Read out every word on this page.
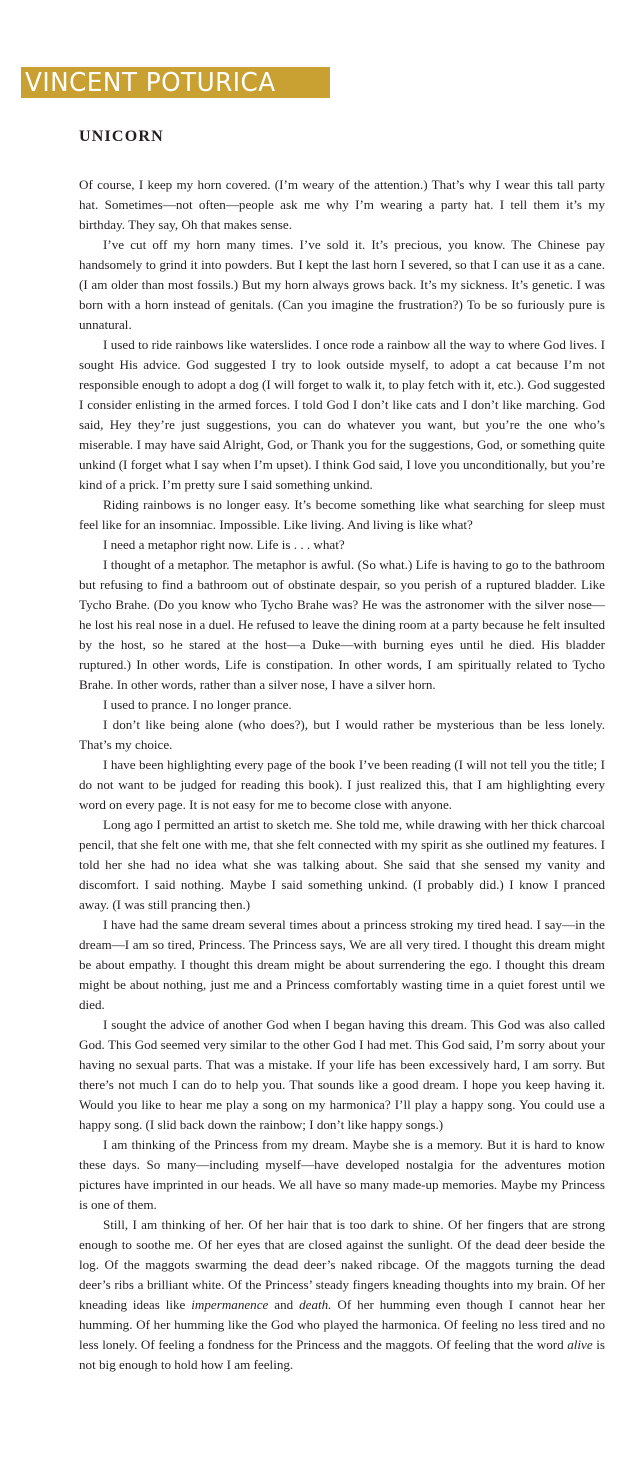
VINCENT POTURICA
UNICORN

Of course, I keep my horn covered. (I’m weary of the attention.) That’s why I wear this tall party hat. Sometimes—not often—people ask me why I’m wearing a party hat. I tell them it’s my birthday. They say, Oh that makes sense.

I’ve cut off my horn many times. I’ve sold it. It’s precious, you know. The Chinese pay handsomely to grind it into powders. But I kept the last horn I severed, so that I can use it as a cane. (I am older than most fossils.) But my horn always grows back. It’s my sickness. It’s genetic. I was born with a horn instead of genitals. (Can you imagine the frustration?) To be so furiously pure is unnatural.

I used to ride rainbows like waterslides. I once rode a rainbow all the way to where God lives. I sought His advice. God suggested I try to look outside myself, to adopt a cat because I’m not responsible enough to adopt a dog (I will forget to walk it, to play fetch with it, etc.). God suggested I consider enlisting in the armed forces. I told God I don’t like cats and I don’t like marching. God said, Hey they’re just suggestions, you can do whatever you want, but you’re the one who’s miserable. I may have said Alright, God, or Thank you for the suggestions, God, or something quite unkind (I forget what I say when I’m upset). I think God said, I love you unconditionally, but you’re kind of a prick. I’m pretty sure I said something unkind.

Riding rainbows is no longer easy. It’s become something like what searching for sleep must feel like for an insomniac. Impossible. Like living. And living is like what?

I need a metaphor right now. Life is . . . what?

I thought of a metaphor. The metaphor is awful. (So what.) Life is having to go to the bathroom but refusing to find a bathroom out of obstinate despair, so you perish of a ruptured bladder. Like Tycho Brahe. (Do you know who Tycho Brahe was? He was the astronomer with the silver nose—he lost his real nose in a duel. He refused to leave the dining room at a party because he felt insulted by the host, so he stared at the host—a Duke—with burning eyes until he died. His bladder ruptured.) In other words, Life is constipation. In other words, I am spiritually related to Tycho Brahe. In other words, rather than a silver nose, I have a silver horn.

I used to prance. I no longer prance.

I don’t like being alone (who does?), but I would rather be mysterious than be less lonely. That’s my choice.

I have been highlighting every page of the book I’ve been reading (I will not tell you the title; I do not want to be judged for reading this book). I just realized this, that I am highlighting every word on every page. It is not easy for me to become close with anyone.

Long ago I permitted an artist to sketch me. She told me, while drawing with her thick charcoal pencil, that she felt one with me, that she felt connected with my spirit as she outlined my features. I told her she had no idea what she was talking about. She said that she sensed my vanity and discomfort. I said nothing. Maybe I said something unkind. (I probably did.) I know I pranced away. (I was still prancing then.)

I have had the same dream several times about a princess stroking my tired head. I say—in the dream—I am so tired, Princess. The Princess says, We are all very tired. I thought this dream might be about empathy. I thought this dream might be about surrendering the ego. I thought this dream might be about nothing, just me and a Princess comfortably wasting time in a quiet forest until we died.

I sought the advice of another God when I began having this dream. This God was also called God. This God seemed very similar to the other God I had met. This God said, I’m sorry about your having no sexual parts. That was a mistake. If your life has been excessively hard, I am sorry. But there’s not much I can do to help you. That sounds like a good dream. I hope you keep having it. Would you like to hear me play a song on my harmonica? I’ll play a happy song. You could use a happy song. (I slid back down the rainbow; I don’t like happy songs.)

I am thinking of the Princess from my dream. Maybe she is a memory. But it is hard to know these days. So many—including myself—have developed nostalgia for the adventures motion pictures have imprinted in our heads. We all have so many made-up memories. Maybe my Princess is one of them.

Still, I am thinking of her. Of her hair that is too dark to shine. Of her fingers that are strong enough to soothe me. Of her eyes that are closed against the sunlight. Of the dead deer beside the log. Of the maggots swarming the dead deer’s naked ribcage. Of the maggots turning the dead deer’s ribs a brilliant white. Of the Princess’ steady fingers kneading thoughts into my brain. Of her kneading ideas like impermanence and death. Of her humming even though I cannot hear her humming. Of her humming like the God who played the harmonica. Of feeling no less tired and no less lonely. Of feeling a fondness for the Princess and the maggots. Of feeling that the word alive is not big enough to hold how I am feeling.
